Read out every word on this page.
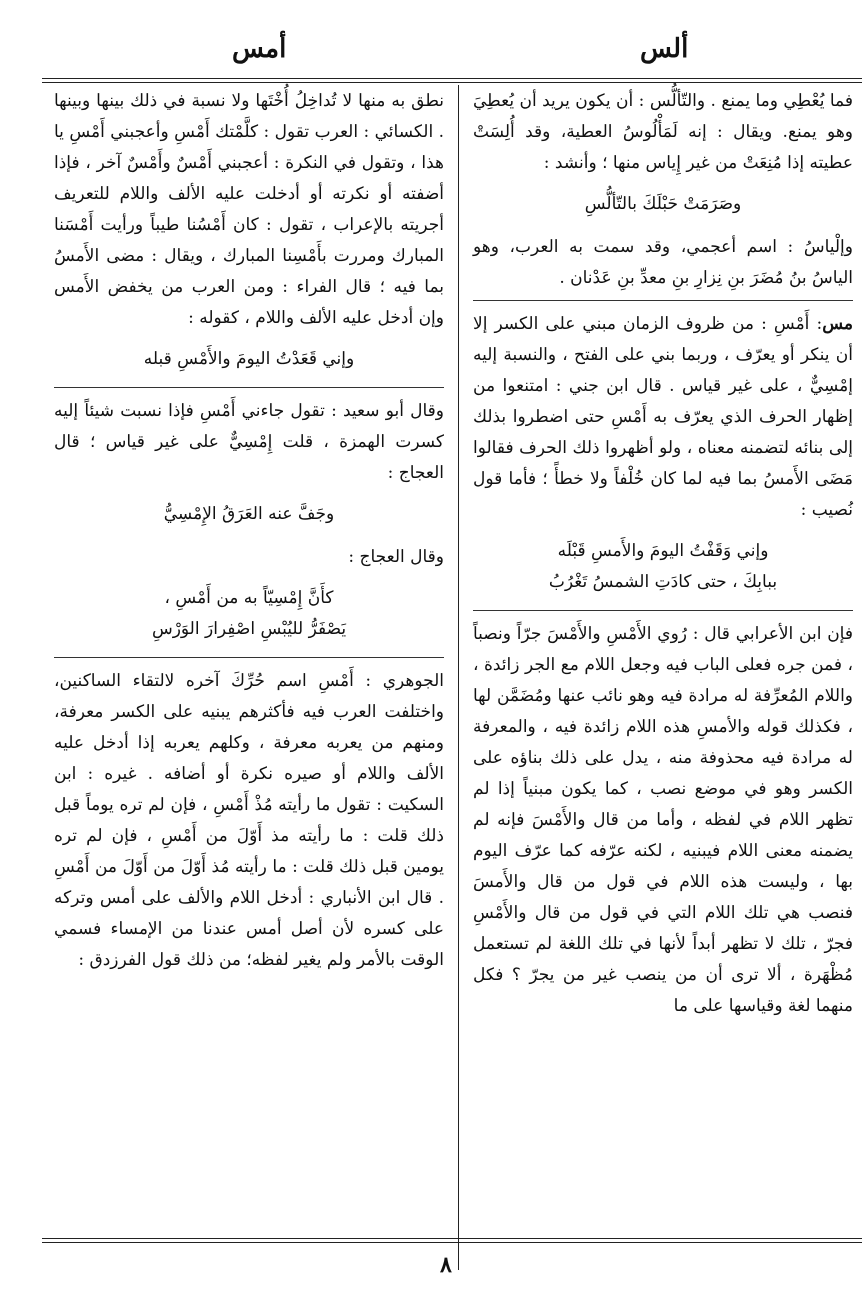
ألس
أمس

فما يُعْطِي وما يمنع . والتّألُّس : أن يكون يريد أن يُعطِيَ وهو يمنع. ويقال : إنه لَمَأْلُوسُ العطية، وقد أُلِسَتْ عطيته إذا مُنِعَتْ من غير إِياس منها ؛ وأنشد :

وصَرَمَتْ حَبْلَكَ بالتّألُّسِ

وإلْياسُ : اسم أعجمي، وقد سمت به العرب، وهو الياسُ بنُ مُضَرَ بنِ نِزارِ بنِ معدِّ بنِ عَدْنان .

مس: أَمْسِ : من ظروف الزمان مبني على الكسر إلا أن ينكر أو يعرّف ، وربما بني على الفتح ، والنسبة إليه إمْسِيٌّ ، على غير قياس . قال ابن جني : امتنعوا من إظهار الحرف الذي يعرّف به أَمْسِ حتى اضطروا بذلك إلى بنائه لتضمنه معناه ، ولو أظهروا ذلك الحرف فقالوا مَضَى الأَمسُ بما فيه لما كان خُلْفاً ولا خطأً ؛ فأما قول نُصيب :

وإني وَقَفْتُ اليومَ والأَمسِ قَبْلَه

ببابِكَ ، حتى كادَتِ الشمسُ تَغْرُبُ

فإن ابن الأعرابي قال : رُوي الأَمْسِ والأَمْسَ جرّاً ونصباً ، فمن جره فعلى الباب فيه وجعل اللام مع الجر زائدة ، واللام المُعرِّفة له مرادة فيه وهو نائب عنها ومُضَمَّن لها ، فكذلك قوله والأمسِ هذه اللام زائدة فيه ، والمعرفة له مرادة فيه محذوفة منه ، يدل على ذلك بناؤه على الكسر وهو في موضع نصب ، كما يكون مبنياً إذا لم تظهر اللام في لفظه ، وأما من قال والأَمْسَ فإنه لم يضمنه معنى اللام فيبنيه ، لكنه عرّفه كما عرّف اليوم بها ، وليست هذه اللام في قول من قال والأَمسَ فنصب هي تلك اللام التي في قول من قال والأَمْسِ فجرّ ، تلك لا تظهر أبداً لأنها في تلك اللغة لم تستعمل مُظْهَرة ، ألا ترى أن من ينصب غير من يجرّ ؟ فكل منهما لغة وقياسها على ما

نطق به منها لا تُداخِلُ أُخْتَها ولا نسبة في ذلك بينها وبينها . الكسائي : العرب تقول : كلَّمْتك أَمْسِ وأعجبني أَمْسِ يا هذا ، وتقول في النكرة : أعجبني أَمْسٌ وأَمْسٌ آخر ، فإذا أضفته أو نكرته أو أدخلت عليه الألف واللام للتعريف أجريته بالإعراب ، تقول : كان أَمْسُنا طيباً ورأيت أَمْسَنا المبارك ومررت بأَمْسِنا المبارك ، ويقال : مضى الأَمسُ بما فيه ؛ قال الفراء : ومن العرب من يخفض الأَمس وإن أدخل عليه الألف واللام ، كقوله :

وإني قَعَدْتُ اليومَ والأَمْسِ قبله

وقال أبو سعيد : تقول جاءني أَمْسِ فإذا نسبت شيئاً إليه كسرت الهمزة ، قلت إِمْسِيٌّ على غير قياس ؛ قال العجاج :

وجَفَّ عنه العَرَقُ الإِمْسِيُّ

وقال العجاج :

كأَنَّ إِمْسِيّاً به من أَمْسِ ،

يَصْفَرُّ لليُبْسِ اصْفِرارَ الوَرْسِ

الجوهري : أَمْسِ اسم حُرِّكَ آخره لالتقاء الساكنين، واختلفت العرب فيه فأكثرهم يبنيه على الكسر معرفة، ومنهم من يعربه معرفة ، وكلهم يعربه إذا أدخل عليه الألف واللام أو صيره نكرة أو أضافه . غيره : ابن السكيت : تقول ما رأيته مُذْ أَمْسِ ، فإن لم تره يوماً قبل ذلك قلت : ما رأيته مذ أَوّلَ من أَمْسِ ، فإن لم تره يومين قبل ذلك قلت : ما رأيته مُذ أَوّلَ من أَوّلَ من أَمْسِ . قال ابن الأنباري : أدخل اللام والألف على أمس وتركه على كسره لأن أصل أمس عندنا من الإمساء فسمي الوقت بالأمر ولم يغير لفظه؛ من ذلك قول الفرزدق :

٨
